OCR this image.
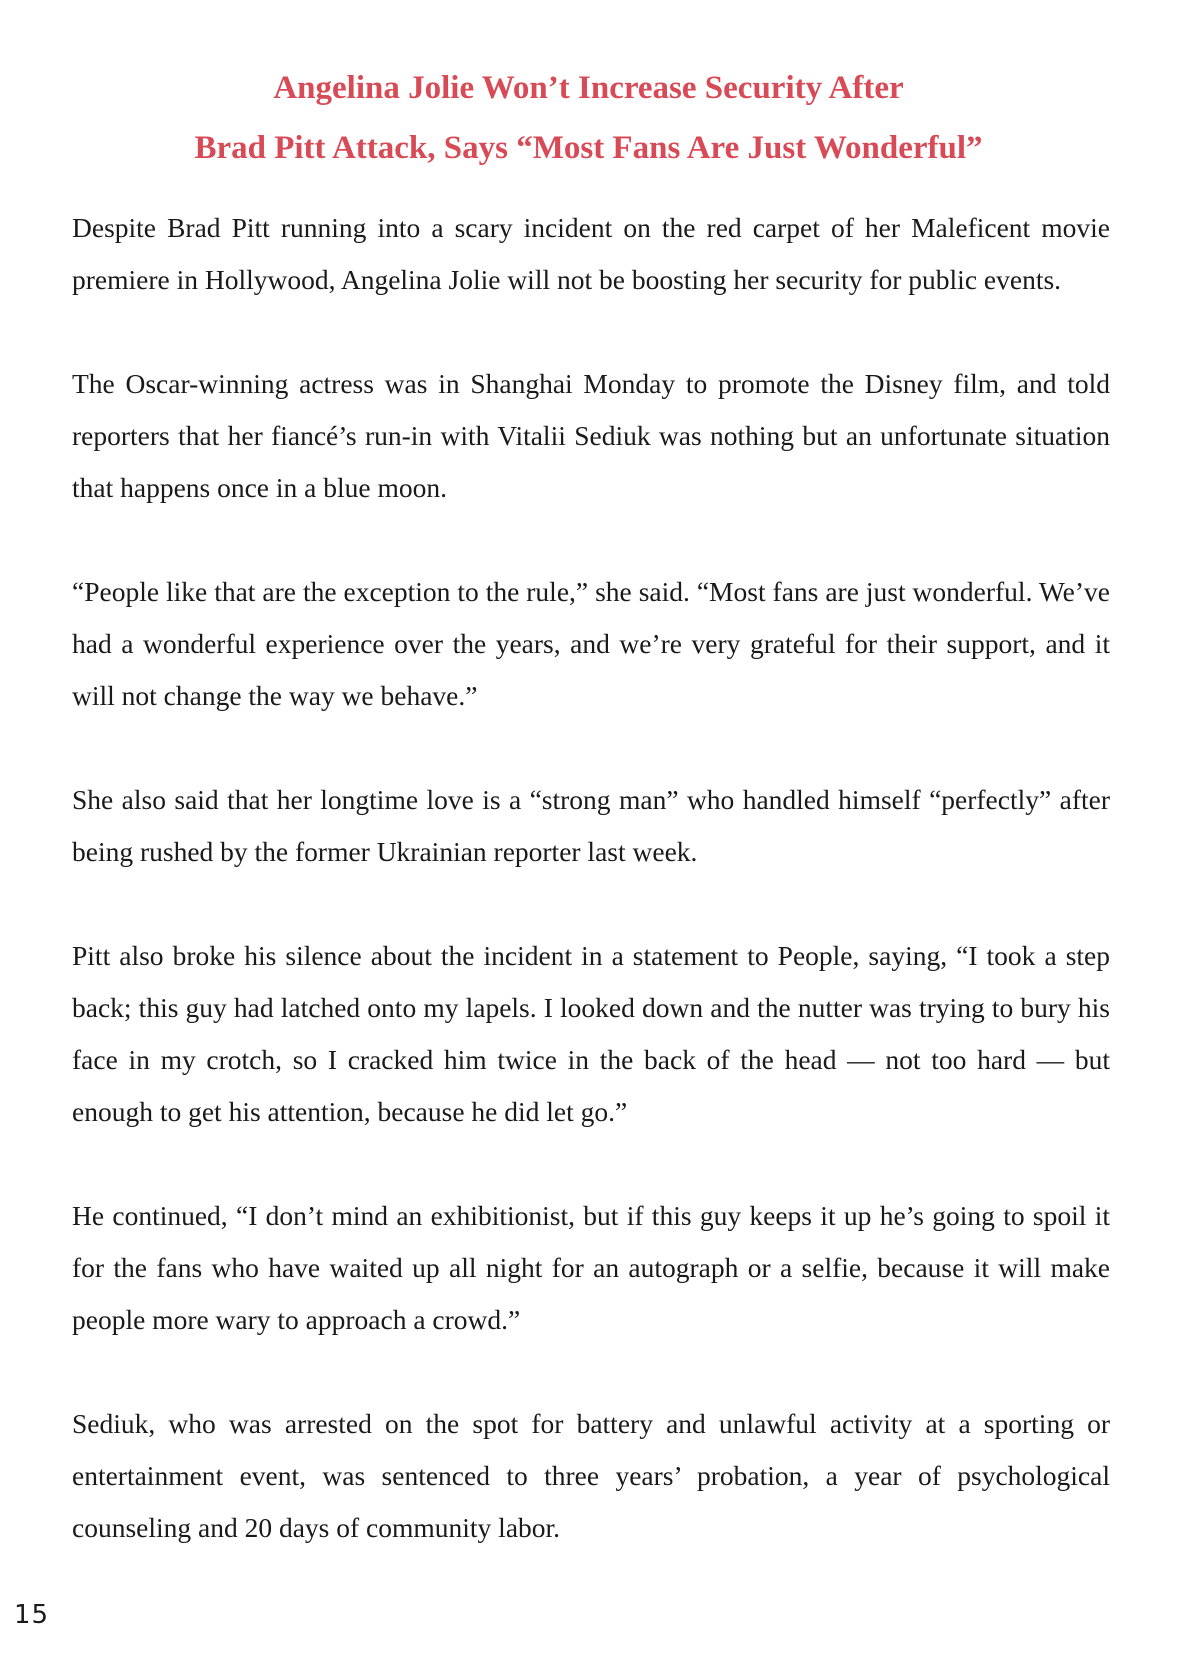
Angelina Jolie Won’t Increase Security After
Brad Pitt Attack, Says “Most Fans Are Just Wonderful”

Despite Brad Pitt running into a scary incident on the red carpet of her Maleficent movie premiere in Hollywood, Angelina Jolie will not be boosting her security for public events.

The Oscar-winning actress was in Shanghai Monday to promote the Disney film, and told reporters that her fiancé’s run-in with Vitalii Sediuk was nothing but an unfortunate situation that happens once in a blue moon.

“People like that are the exception to the rule,” she said. “Most fans are just wonderful. We’ve had a wonderful experience over the years, and we’re very grateful for their support, and it will not change the way we behave.”

She also said that her longtime love is a “strong man” who handled himself “perfectly” after being rushed by the former Ukrainian reporter last week.

Pitt also broke his silence about the incident in a statement to People, saying, “I took a step back; this guy had latched onto my lapels. I looked down and the nutter was trying to bury his face in my crotch, so I cracked him twice in the back of the head — not too hard — but enough to get his attention, because he did let go.”

He continued, “I don’t mind an exhibitionist, but if this guy keeps it up he’s going to spoil it for the fans who have waited up all night for an autograph or a selfie, because it will make people more wary to approach a crowd.”

Sediuk, who was arrested on the spot for battery and unlawful activity at a sporting or entertainment event, was sentenced to three years’ probation, a year of psychological counseling and 20 days of community labor.

15
